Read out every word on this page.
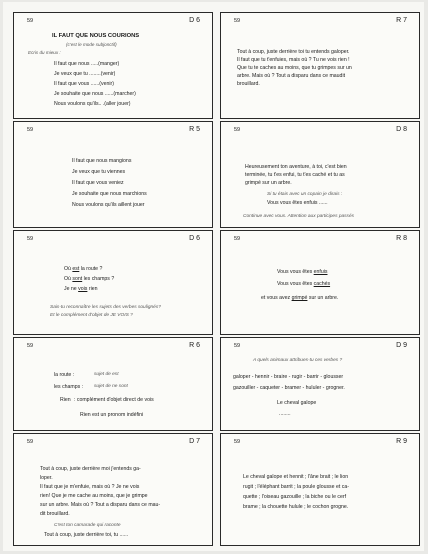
59	D 6
IL FAUT QUE NOUS COURIONS
(c'est le mode subjonctif)
Ecris du mieux :
Il faut que nous .....(manger)
Je veux que tu ........(venir)
Il faut que vous ......(venir)
Je souhaite que nous ......(marcher)
Nous voulons qu'ils.. .(aller jouer)
59	R 7
Tout à coup, juste derrière toi tu entends galoper.
Il faut que tu t'enfuies, mais où ? Tu ne vois rien !
Que tu te caches au moins, que tu grimpes sur un
arbre. Mais où ? Tout a disparu dans ce maudit
brouillard.
59	R 5
Il faut que nous mangions
Je veux que tu viennes
Il faut que vous veniez
Je souhaite que nous marchions
Nous voulons qu'ils aillent jouer
59	D 8
Heureusement ton aventure, à toi, c'est bien
terminée, tu t'es enfui, tu t'es caché et tu as
grimpé sur un arbre.
Si tu étais avec un copain je dirais :
Vous vous êtes enfuis ......
Continue avec vous. Attention aux participes passés
59	D 6
Où est la route ?
Où sont les champs ?
Je ne vois rien
Sais-tu reconnaître les sujets des verbes soulignés?
Et le complément d'objet de JE VOIS ?
59	R 8
Vous vous êtes enfuis
Vous vous êtes cachés
et vous avez grimpé sur un arbre.
59	R 6
la route :	sujet de est
les champs : sujet de ne sont
Rien : complément d'objet direct de vois
Rien est un pronom indéfini
59	D 9
A quels animaux attribues-tu ces verbes ?
galoper - hennir - braire - rugir - barrir - glousser
gazouiller - caqueter - bramer - hululer - grogner.
Le cheval galope
........
59	D 7
Tout à coup, juste derrière moi j'entends ga-
loper.
Il faut que je m'enfuie, mais où ? Je ne vois
rien! Que je me cache au moins, que je grimpe
sur un arbre. Mais où ? Tout a disparu dans ce mau-
dit brouillard.
C'est ton camarade qui raconte
Tout à coup, juste derrière toi, tu ......
59	R 9
Le cheval galope et hennit ; l'âne brait ; le lion
rugit ; l'éléphant barrit ; la poule glousse et ca-
quette ; l'oiseau gazouille ; la biche ou le cerf
brame ; la chouette hulule ; le cochon grogne.
